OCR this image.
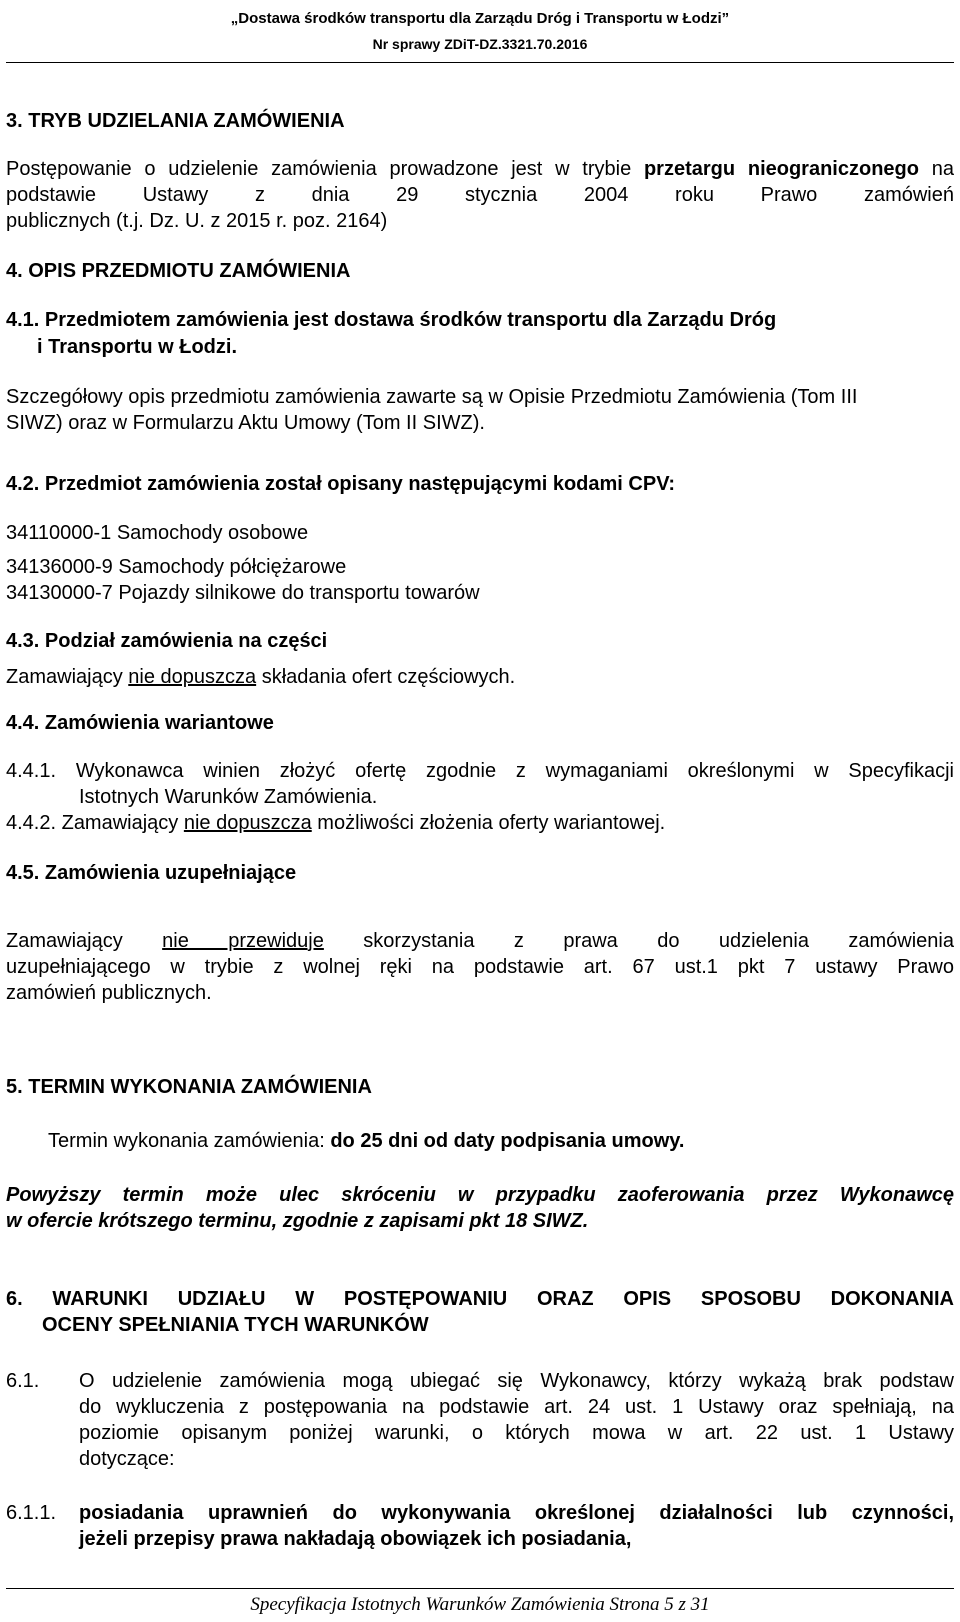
„Dostawa środków transportu dla Zarządu Dróg i Transportu w Łodzi”
Nr sprawy ZDiT-DZ.3321.70.2016
3. TRYB UDZIELANIA ZAMÓWIENIA
Postępowanie o udzielenie zamówienia prowadzone jest w trybie przetargu nieograniczonego na podstawie Ustawy z dnia 29 stycznia 2004 roku Prawo zamówień
publicznych (t.j. Dz. U. z 2015 r. poz. 2164)
4. OPIS PRZEDMIOTU ZAMÓWIENIA
4.1. Przedmiotem zamówienia jest dostawa środków transportu dla Zarządu Dróg
i Transportu w Łodzi.
Szczegółowy opis przedmiotu zamówienia zawarte są w Opisie Przedmiotu Zamówienia (Tom III
SIWZ) oraz w Formularzu Aktu Umowy (Tom II SIWZ).
4.2. Przedmiot zamówienia został opisany następującymi kodami CPV:
34110000-1 Samochody osobowe
34136000-9 Samochody półciężarowe
34130000-7 Pojazdy silnikowe do transportu towarów
4.3. Podział zamówienia na części
Zamawiający nie dopuszcza składania ofert częściowych.
4.4. Zamówienia wariantowe
4.4.1. Wykonawca winien złożyć ofertę zgodnie z wymaganiami określonymi w Specyfikacji
Istotnych Warunków Zamówienia.
4.4.2. Zamawiający nie dopuszcza możliwości złożenia oferty wariantowej.
4.5. Zamówienia uzupełniające
Zamawiający nie przewiduje skorzystania z prawa do udzielenia zamówienia
uzupełniającego w trybie z wolnej ręki na podstawie art. 67 ust.1 pkt 7 ustawy Prawo
zamówień publicznych.
5. TERMIN WYKONANIA ZAMÓWIENIA
Termin wykonania zamówienia: do 25 dni od daty podpisania umowy.
Powyższy termin może ulec skróceniu w przypadku zaoferowania przez Wykonawcę
w ofercie krótszego terminu, zgodnie z zapisami pkt 18 SIWZ.
6. WARUNKI UDZIAŁU W POSTĘPOWANIU ORAZ OPIS SPOSOBU DOKONANIA
OCENY SPEŁNIANIA TYCH WARUNKÓW
6.1. O udzielenie zamówienia mogą ubiegać się Wykonawcy, którzy wykażą brak podstaw
do wykluczenia z postępowania na podstawie art. 24 ust. 1 Ustawy oraz spełniają, na
poziomie opisanym poniżej warunki, o których mowa w art. 22 ust. 1 Ustawy
dotyczące:
6.1.1. posiadania uprawnień do wykonywania określonej działalności lub czynności,
jeżeli przepisy prawa nakładają obowiązek ich posiadania,
Specyfikacja Istotnych Warunków Zamówienia Strona 5 z 31
